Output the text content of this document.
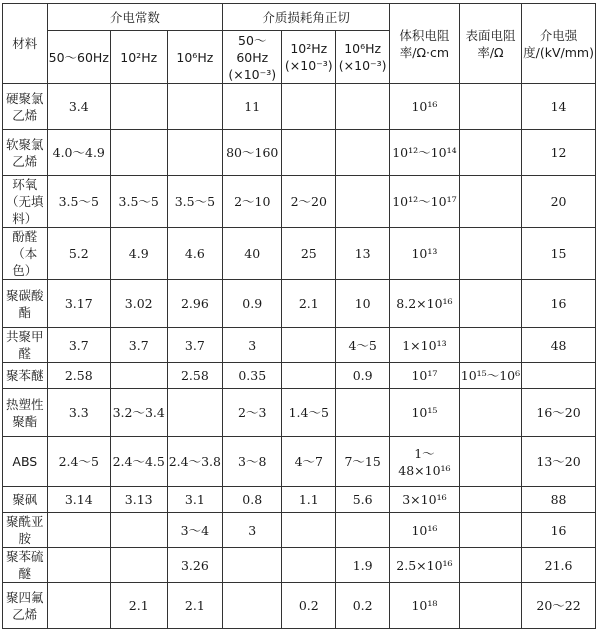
材料	介电常数			介质损耗角正切			体积电阻率/Ω·cm	表面电阻率/Ω	介电强度/(kV/mm)
	50～60Hz	10²Hz	10⁶Hz	50～60Hz (×10⁻³)	10²Hz (×10⁻³)	10⁶Hz (×10⁻³)			
硬聚氯乙烯	3.4			11			10¹⁶		14
软聚氯乙烯	4.0～4.9			80～160			10¹²～10¹⁴		12
环氧（无填料）	3.5～5	3.5～5	3.5～5	2～10	2～20		10¹²～10¹⁷		20
酚醛（本色）	5.2	4.9	4.6	40	25	13	10¹³		15
聚碳酸酯	3.17	3.02	2.96	0.9	2.1	10	8.2×10¹⁶		16
共聚甲醛	3.7	3.7	3.7	3		4～5	1×10¹³		48
聚苯醚	2.58		2.58	0.35		0.9	10¹⁷	10¹⁵～10⁶	
热塑性聚酯	3.3	3.2～3.4		2～3	1.4～5		10¹⁵		16～20
ABS	2.4～5	2.4～4.5	2.4～3.8	3～8	4～7	7～15	1～48×10¹⁶		13～20
聚砜	3.14	3.13	3.1	0.8	1.1	5.6	3×10¹⁶		88
聚酰亚胺			3～4	3			10¹⁶		16
聚苯硫醚			3.26			1.9	2.5×10¹⁶		21.6
聚四氟乙烯		2.1	2.1		0.2	0.2	10¹⁸		20～22
